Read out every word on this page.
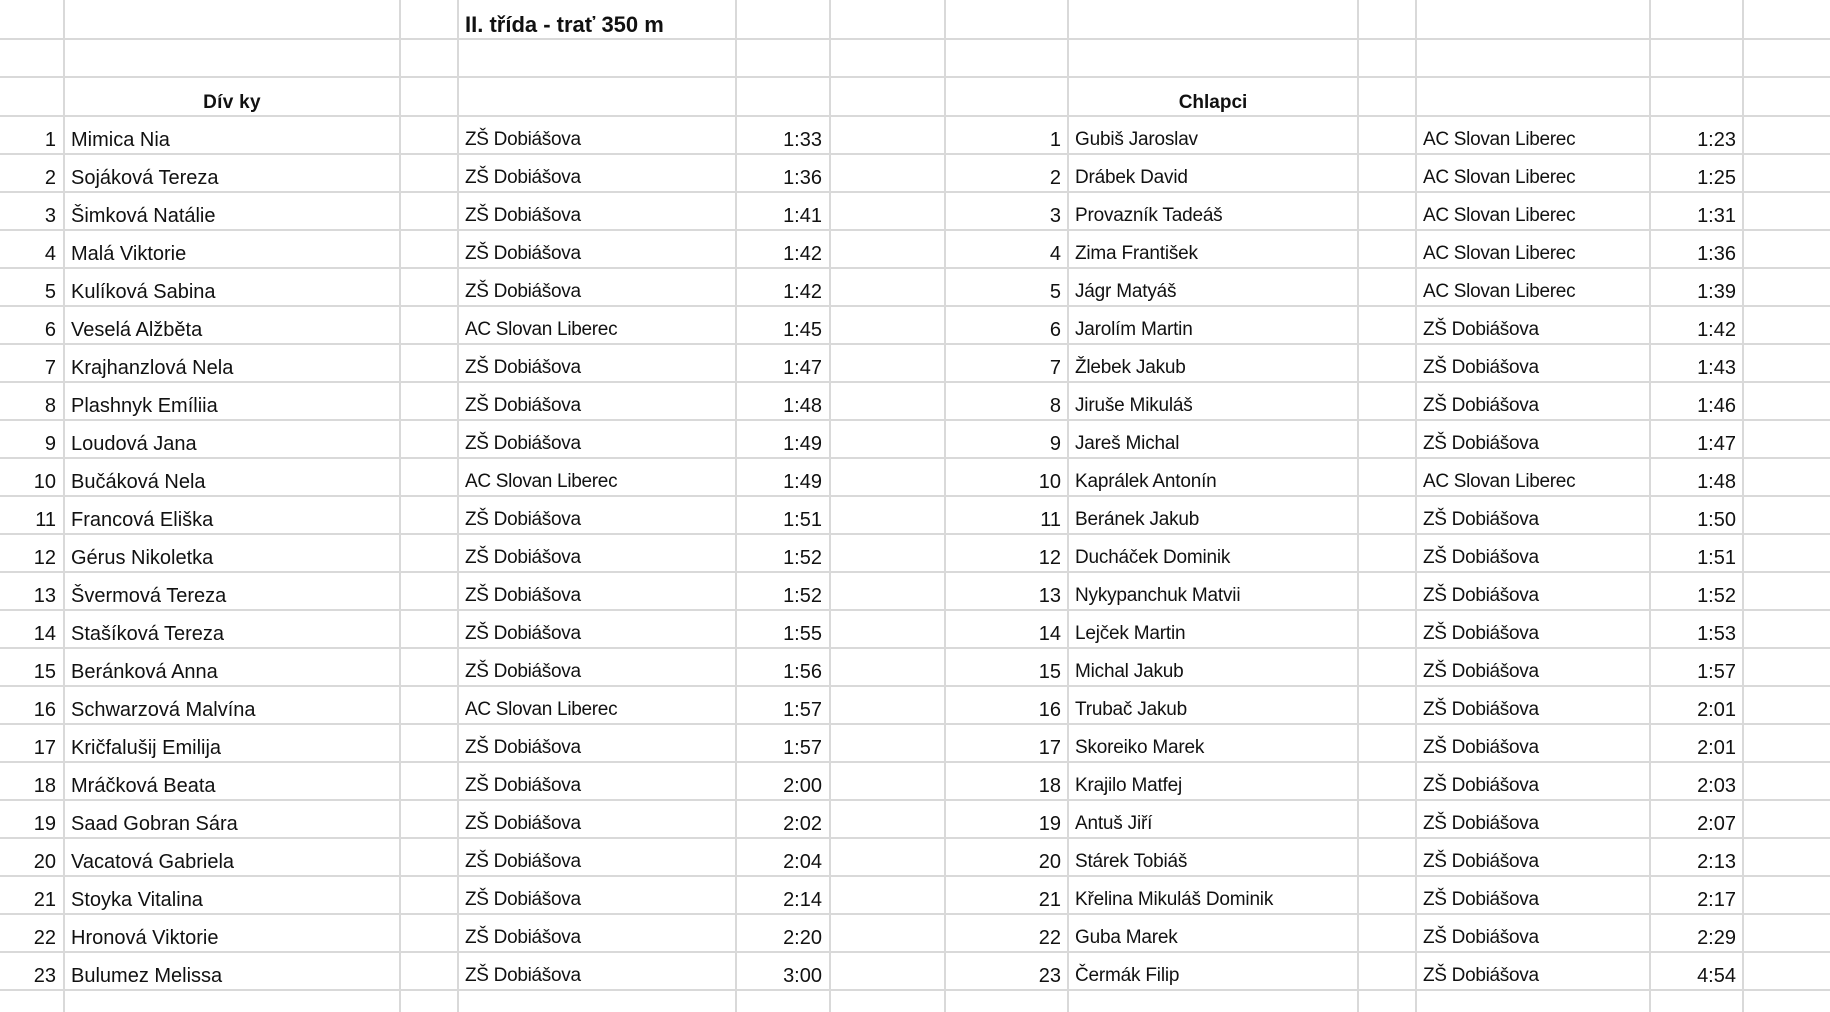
II. třída - trať 350 m
Dív ky	Chlapci
1 Mimica Nia	ZŠ Dobiášova	1:33	1 Gubiš Jaroslav	AC Slovan Liberec	1:23
2 Sojáková Tereza	ZŠ Dobiášova	1:36	2 Drábek David	AC Slovan Liberec	1:25
3 Šimková Natálie	ZŠ Dobiášova	1:41	3 Provazník Tadeáš	AC Slovan Liberec	1:31
4 Malá Viktorie	ZŠ Dobiášova	1:42	4 Zima František	AC Slovan Liberec	1:36
5 Kulíková Sabina	ZŠ Dobiášova	1:42	5 Jágr Matyáš	AC Slovan Liberec	1:39
6 Veselá Alžběta	AC Slovan Liberec	1:45	6 Jarolím Martin	ZŠ Dobiášova	1:42
7 Krajhanzlová Nela	ZŠ Dobiášova	1:47	7 Žlebek Jakub	ZŠ Dobiášova	1:43
8 Plashnyk Emíliia	ZŠ Dobiášova	1:48	8 Jiruše Mikuláš	ZŠ Dobiášova	1:46
9 Loudová Jana	ZŠ Dobiášova	1:49	9 Jareš Michal	ZŠ Dobiášova	1:47
10 Bučáková Nela	AC Slovan Liberec	1:49	10 Kaprálek Antonín	AC Slovan Liberec	1:48
11 Francová Eliška	ZŠ Dobiášova	1:51	11 Beránek Jakub	ZŠ Dobiášova	1:50
12 Gérus Nikoletka	ZŠ Dobiášova	1:52	12 Ducháček Dominik	ZŠ Dobiášova	1:51
13 Švermová Tereza	ZŠ Dobiášova	1:52	13 Nykypanchuk Matvii	ZŠ Dobiášova	1:52
14 Stašíková Tereza	ZŠ Dobiášova	1:55	14 Lejček Martin	ZŠ Dobiášova	1:53
15 Beránková Anna	ZŠ Dobiášova	1:56	15 Michal Jakub	ZŠ Dobiášova	1:57
16 Schwarzová Malvína	AC Slovan Liberec	1:57	16 Trubač Jakub	ZŠ Dobiášova	2:01
17 Kričfalušij Emilija	ZŠ Dobiášova	1:57	17 Skoreiko Marek	ZŠ Dobiášova	2:01
18 Mráčková Beata	ZŠ Dobiášova	2:00	18 Krajilo Matfej	ZŠ Dobiášova	2:03
19 Saad Gobran Sára	ZŠ Dobiášova	2:02	19 Antuš Jiří	ZŠ Dobiášova	2:07
20 Vacatová Gabriela	ZŠ Dobiášova	2:04	20 Stárek Tobiáš	ZŠ Dobiášova	2:13
21 Stoyka Vitalina	ZŠ Dobiášova	2:14	21 Křelina Mikuláš Dominik	ZŠ Dobiášova	2:17
22 Hronová Viktorie	ZŠ Dobiášova	2:20	22 Guba Marek	ZŠ Dobiášova	2:29
23 Bulumez Melissa	ZŠ Dobiášova	3:00	23 Čermák Filip	ZŠ Dobiášova	4:54
